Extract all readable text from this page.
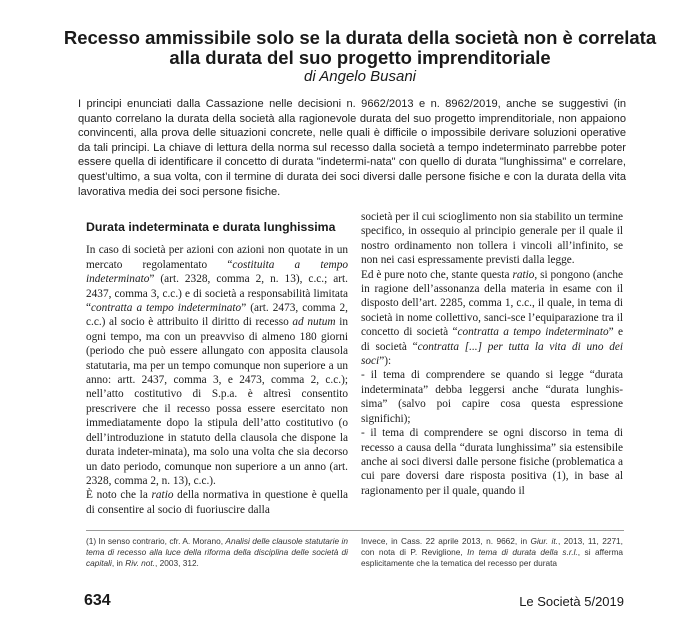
Recesso ammissibile solo se la durata della società non è correlata
alla durata del suo progetto imprenditoriale
di Angelo Busani

I principi enunciati dalla Cassazione nelle decisioni n. 9662/2013 e n. 8962/2019, anche se suggestivi (in quanto correlano la durata della società alla ragionevole durata del suo progetto imprenditoriale, non appaiono convincenti, alla prova delle situazioni concrete, nelle quali è difficile o impossibile derivare soluzioni operative da tali principi. La chiave di lettura della norma sul recesso dalla società a tempo indeterminato parrebbe poter essere quella di identificare il concetto di durata "indetermi-nata" con quello di durata "lunghissima" e correlare, quest’ultimo, a sua volta, con il termine di durata dei soci diversi dalle persone fisiche e con la durata della vita lavorativa media dei soci persone fisiche.

Durata indeterminata e durata lunghissima

In caso di società per azioni con azioni non quotate in un mercato regolamentato “costituita a tempo indeterminato” (art. 2328, comma 2, n. 13), c.c.; art. 2437, comma 3, c.c.) e di società a responsabilità limitata “contratta a tempo indeterminato” (art. 2473, comma 2, c.c.) al socio è attribuito il diritto di recesso ad nutum in ogni tempo, ma con un preavviso di almeno 180 giorni (periodo che può essere allungato con apposita clausola statutaria, ma per un tempo comunque non superiore a un anno: artt. 2437, comma 3, e 2473, comma 2, c.c.); nell’atto costitutivo di S.p.a. è altresì consentito prescrivere che il recesso possa essere esercitato non immediatamente dopo la stipula dell’atto costitutivo (o dell’introduzione in statuto della clausola che dispone la durata indeter-minata), ma solo una volta che sia decorso un dato periodo, comunque non superiore a un anno (art. 2328, comma 2, n. 13), c.c.).

È noto che la ratio della normativa in questione è quella di consentire al socio di fuoriuscire dalla

società per il cui scioglimento non sia stabilito un termine specifico, in ossequio al principio generale per il quale il nostro ordinamento non tollera i vincoli all’infinito, se non nei casi espressamente previsti dalla legge.

Ed è pure noto che, stante questa ratio, si pongono (anche in ragione dell’assonanza della materia in esame con il disposto dell’art. 2285, comma 1, c.c., il quale, in tema di società in nome collettivo, sanci-sce l’equiparazione tra il concetto di società “contratta a tempo indeterminato” e di società “contratta [...] per tutta la vita di uno dei soci”):

- il tema di comprendere se quando si legge “durata indeterminata” debba leggersi anche “durata lunghis-sima” (salvo poi capire cosa questa espressione significhi);

- il tema di comprendere se ogni discorso in tema di recesso a causa della “durata lunghissima” sia estensibile anche ai soci diversi dalle persone fisiche (problematica a cui pare doversi dare risposta positiva (1), in base al ragionamento per il quale, quando il

(1) In senso contrario, cfr. A. Morano, Analisi delle clausole statutarie in tema di recesso alla luce della riforma della disciplina delle società di capitali, in Riv. not., 2003, 312.

Invece, in Cass. 22 aprile 2013, n. 9662, in Giur. it., 2013, 11, 2271, con nota di P. Reviglione, In tema di durata della s.r.l., si afferma esplicitamente che la tematica del recesso per durata

634	Le Società 5/2019
